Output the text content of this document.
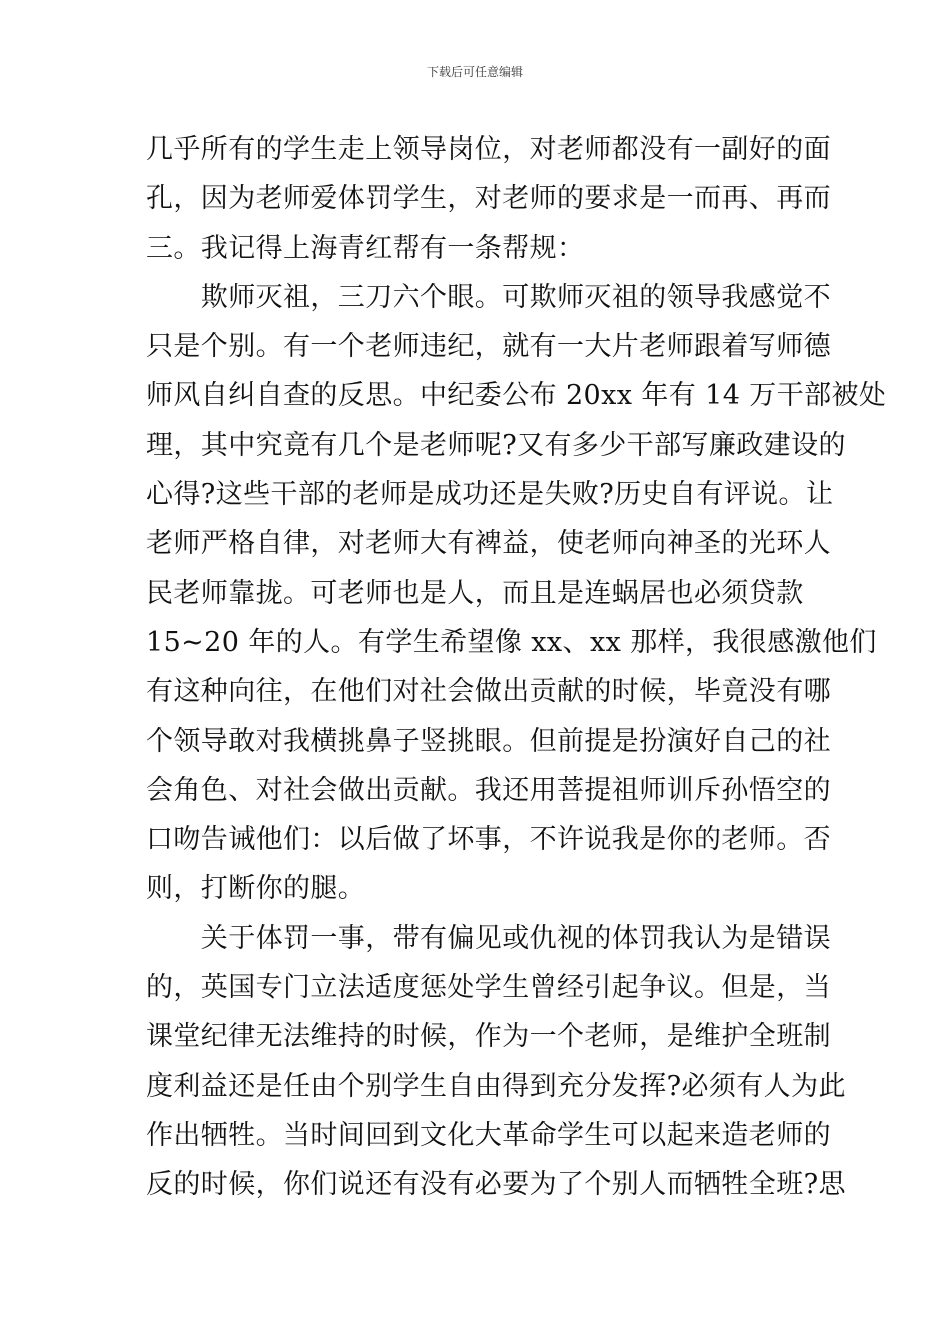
下载后可任意编辑
几乎所有的学生走上领导岗位，对老师都没有一副好的面
孔，因为老师爱体罚学生，对老师的要求是一而再、再而
三。我记得上海青红帮有一条帮规：
　　欺师灭祖，三刀六个眼。可欺师灭祖的领导我感觉不
只是个别。有一个老师违纪，就有一大片老师跟着写师德
师风自纠自查的反思。中纪委公布 20xx 年有 14 万干部被处
理，其中究竟有几个是老师呢?又有多少干部写廉政建设的
心得?这些干部的老师是成功还是失败?历史自有评说。让
老师严格自律，对老师大有裨益，使老师向神圣的光环人
民老师靠拢。可老师也是人，而且是连蜗居也必须贷款
15~20 年的人。有学生希望像 xx、xx 那样，我很感激他们
有这种向往，在他们对社会做出贡献的时候，毕竟没有哪
个领导敢对我横挑鼻子竖挑眼。但前提是扮演好自己的社
会角色、对社会做出贡献。我还用菩提祖师训斥孙悟空的
口吻告诫他们：以后做了坏事，不许说我是你的老师。否
则，打断你的腿。
　　关于体罚一事，带有偏见或仇视的体罚我认为是错误
的，英国专门立法适度惩处学生曾经引起争议。但是，当
课堂纪律无法维持的时候，作为一个老师，是维护全班制
度利益还是任由个别学生自由得到充分发挥?必须有人为此
作出牺牲。当时间回到文化大革命学生可以起来造老师的
反的时候，你们说还有没有必要为了个别人而牺牲全班?思
